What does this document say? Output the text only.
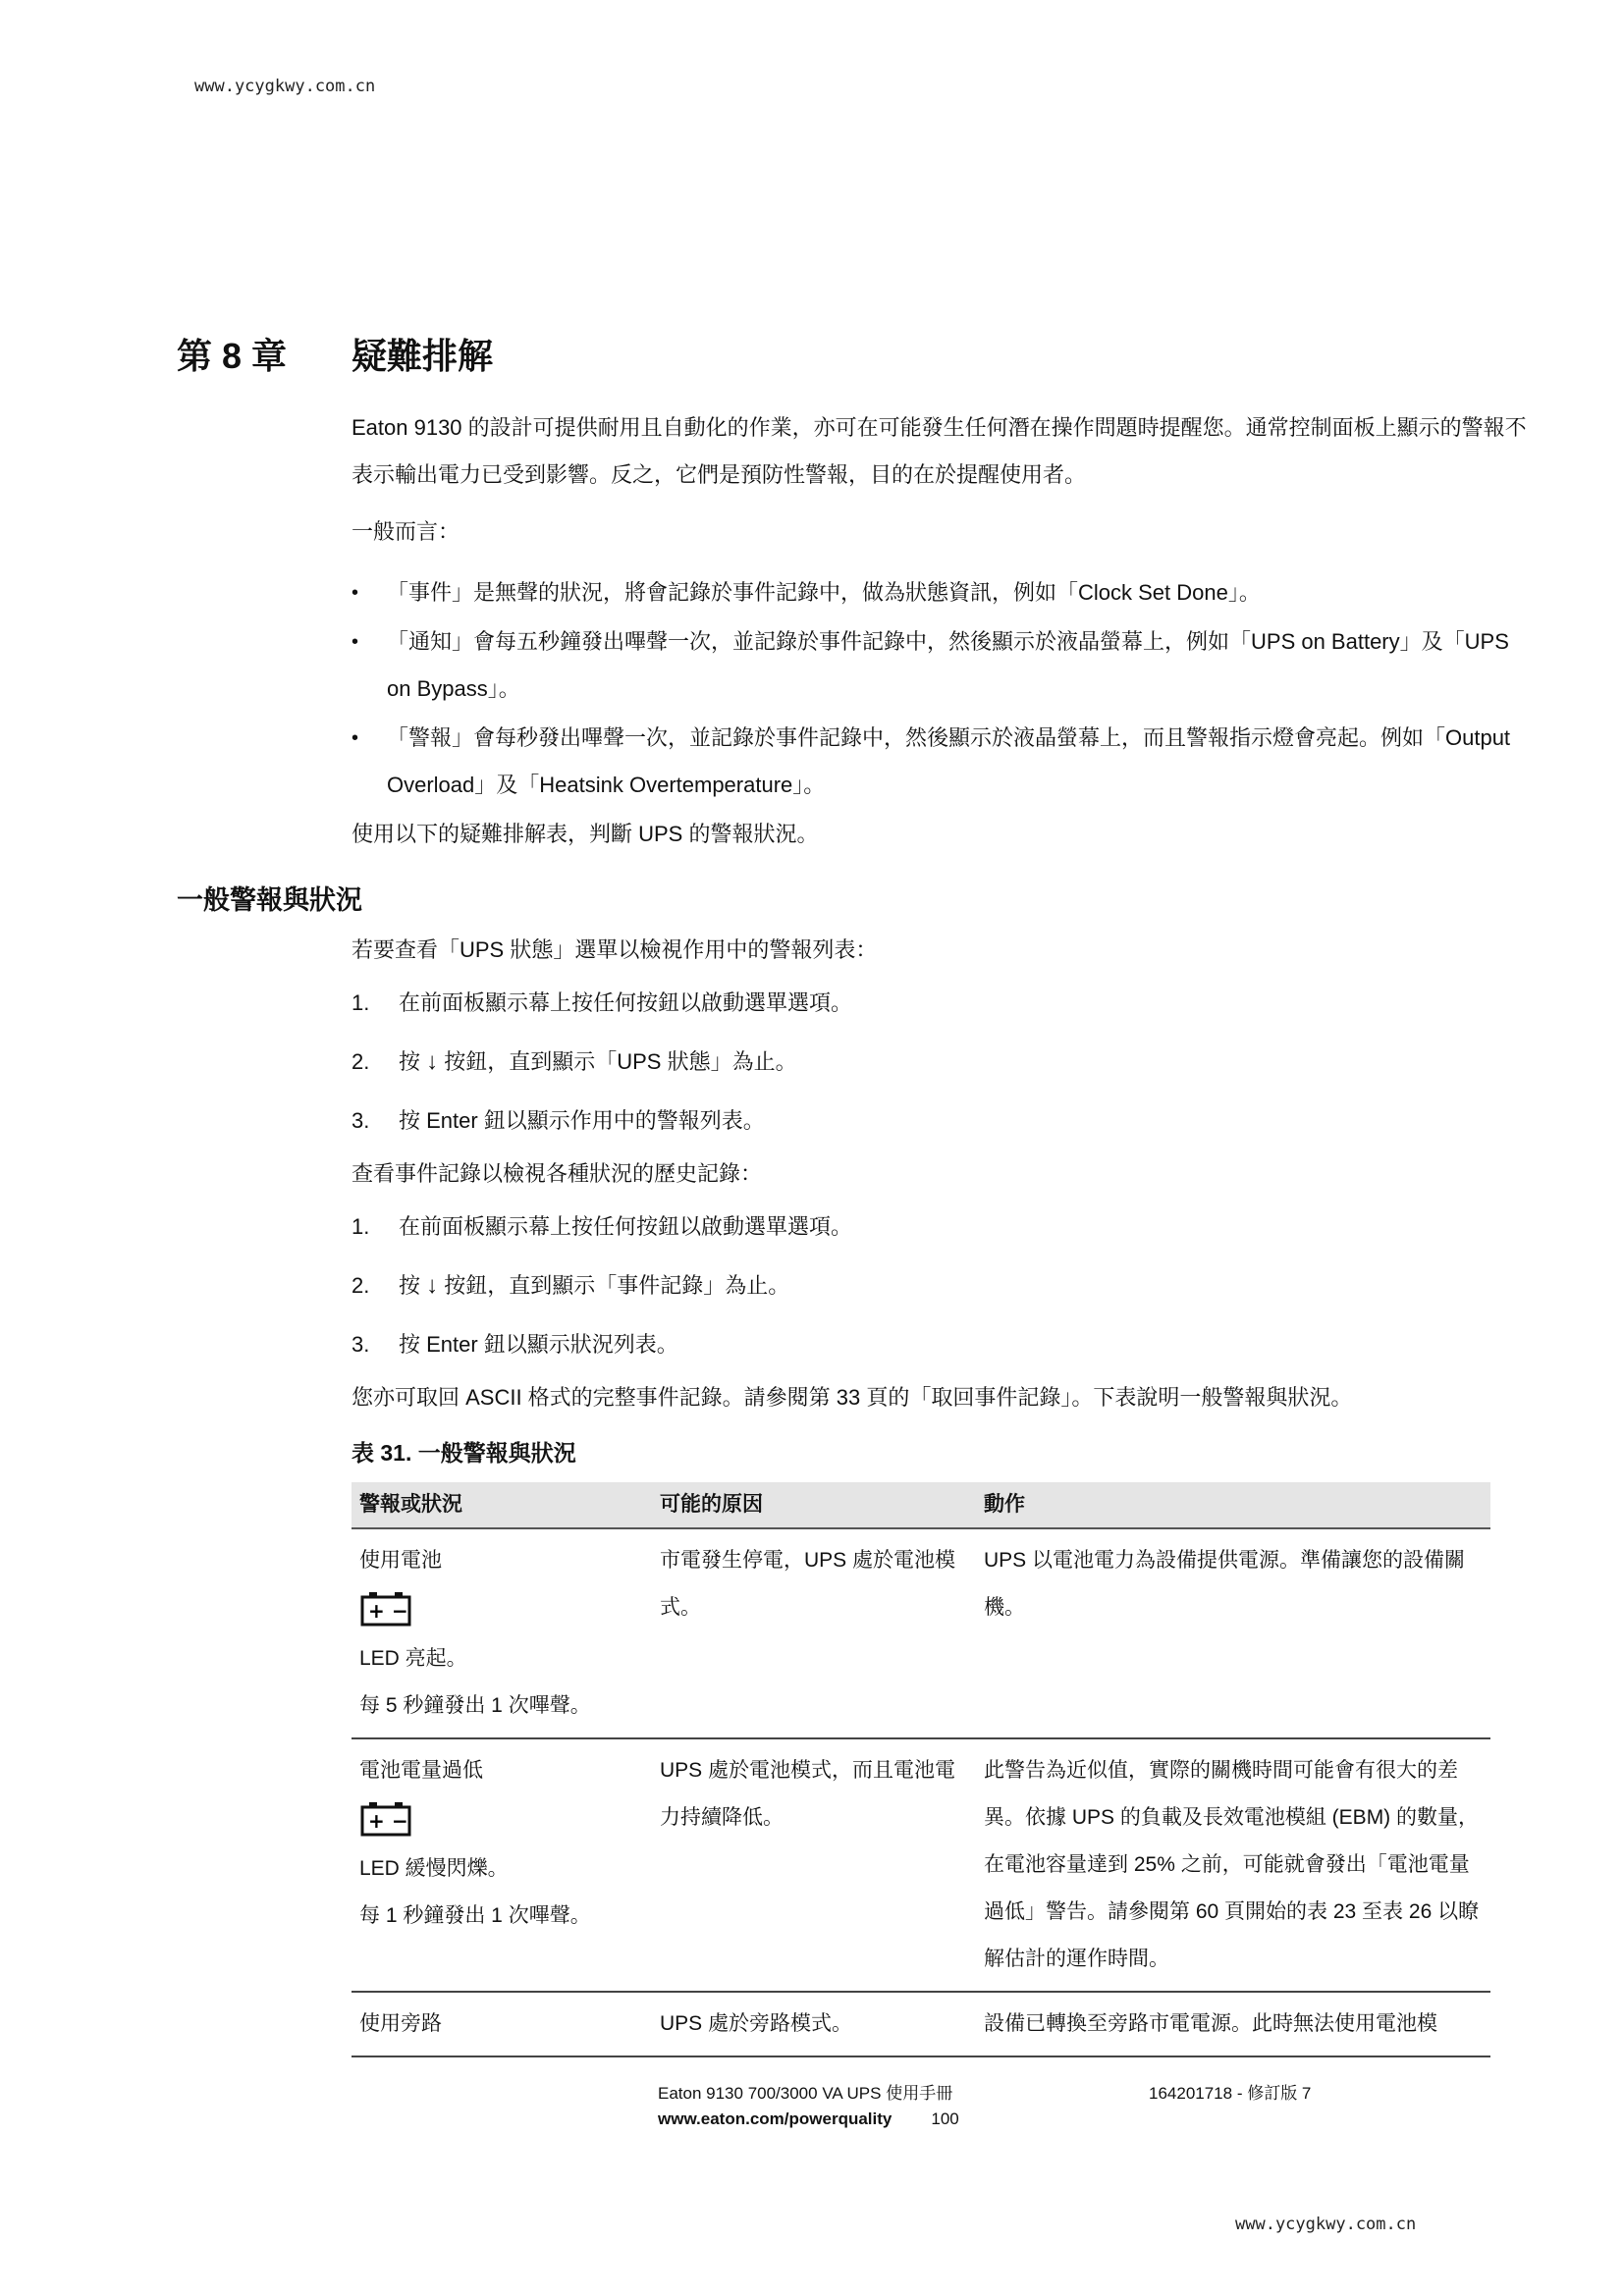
www.ycygkwy.com.cn
第 8 章 疑難排解

Eaton 9130 的設計可提供耐用且自動化的作業，亦可在可能發生任何潛在操作問題時提醒您。通常控制面板上顯示的警報不表示輸出電力已受到影響。反之，它們是預防性警報，目的在於提醒使用者。

一般而言：

• 「事件」是無聲的狀況，將會記錄於事件記錄中，做為狀態資訊，例如「Clock Set Done」。
• 「通知」會每五秒鐘發出嗶聲一次，並記錄於事件記錄中，然後顯示於液晶螢幕上，例如「UPS on Battery」及「UPS on Bypass」。
• 「警報」會每秒發出嗶聲一次，並記錄於事件記錄中，然後顯示於液晶螢幕上，而且警報指示燈會亮起。例如「Output Overload」及「Heatsink Overtemperature」。

使用以下的疑難排解表，判斷 UPS 的警報狀況。

一般警報與狀況

若要查看「UPS 狀態」選單以檢視作用中的警報列表：

1. 在前面板顯示幕上按任何按鈕以啟動選單選項。
2. 按 ↓ 按鈕，直到顯示「UPS 狀態」為止。
3. 按 Enter 鈕以顯示作用中的警報列表。

查看事件記錄以檢視各種狀況的歷史記錄：

1. 在前面板顯示幕上按任何按鈕以啟動選單選項。
2. 按 ↓ 按鈕，直到顯示「事件記錄」為止。
3. 按 Enter 鈕以顯示狀況列表。

您亦可取回 ASCII 格式的完整事件記錄。請參閱第 33 頁的「取回事件記錄」。下表說明一般警報與狀況。

表 31. 一般警報與狀況
警報或狀況	可能的原因	動作

使用電池
+ −
LED 亮起。
每 5 秒鐘發出 1 次嗶聲。	市電發生停電，UPS 處於電池模式。	UPS 以電池電力為設備提供電源。準備讓您的設備關機。

電池電量過低
+ −
LED 緩慢閃爍。
每 1 秒鐘發出 1 次嗶聲。	UPS 處於電池模式，而且電池電力持續降低。	此警告為近似值，實際的關機時間可能會有很大的差異。依據 UPS 的負載及長效電池模組 (EBM) 的數量，在電池容量達到 25% 之前，可能就會發出「電池電量過低」警告。請參閱第 60 頁開始的表 23 至表 26 以瞭解估計的運作時間。

使用旁路	UPS 處於旁路模式。	設備已轉換至旁路市電電源。此時無法使用電池模
Eaton 9130 700/3000 VA UPS 使用手冊	164201718 - 修訂版 7
www.eaton.com/powerquality 100
www.ycygkwy.com.cn
